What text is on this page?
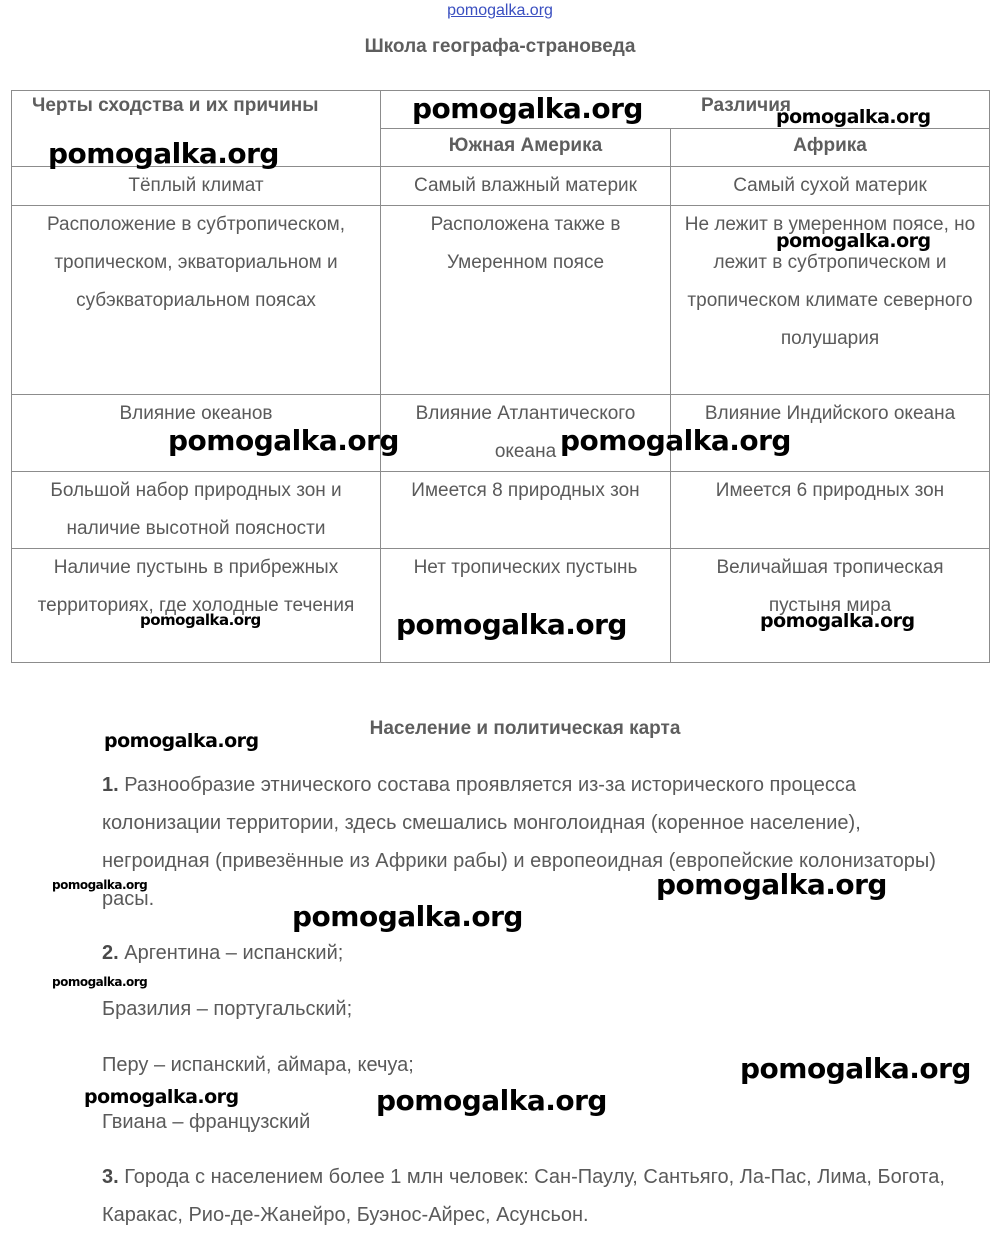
pomogalka.org
Школа географа-страноведа
Черты сходства и их причины	Различия	
	Южная Америка	Африка
Тёплый климат	Самый влажный материк	Самый сухой материк
Расположение в субтропическом, тропическом, экваториальном и субэкваториальном поясах	Расположена также в Умеренном поясе	Не лежит в умеренном поясе, но лежит в субтропическом и тропическом климате северного полушария
Влияние океанов	Влияние Атлантического океана	Влияние Индийского океана
Большой набор природных зон и наличие высотной поясности	Имеется 8 природных зон	Имеется 6 природных зон
Наличие пустынь в прибрежных территориях, где холодные течения	Нет тропических пустынь	Величайшая тропическая пустыня мира
Население и политическая карта
1. Разнообразие этнического состава проявляется из-за исторического процесса колонизации территории, здесь смешались монголоидная (коренное население), негроидная (привезённые из Африки рабы) и европеоидная (европейские колонизаторы) расы.
2. Аргентина – испанский;
Бразилия – португальский;
Перу – испанский, аймара, кечуа;
Гвиана – французский
3. Города с населением более 1 млн человек: Сан-Паулу, Сантьяго, Ла-Пас, Лима, Богота, Каракас, Рио-де-Жанейро, Буэнос-Айрес, Асунсьон.
pomogalka.org	pomogalka.org
pomogalka.org
pomogalka.org
pomogalka.org	pomogalka.org
pomogalka.org	pomogalka.org	pomogalka.org
pomogalka.org
pomogalka.org	pomogalka.org
pomogalka.org
pomogalka.org
pomogalka.org
pomogalka.org	pomogalka.org
